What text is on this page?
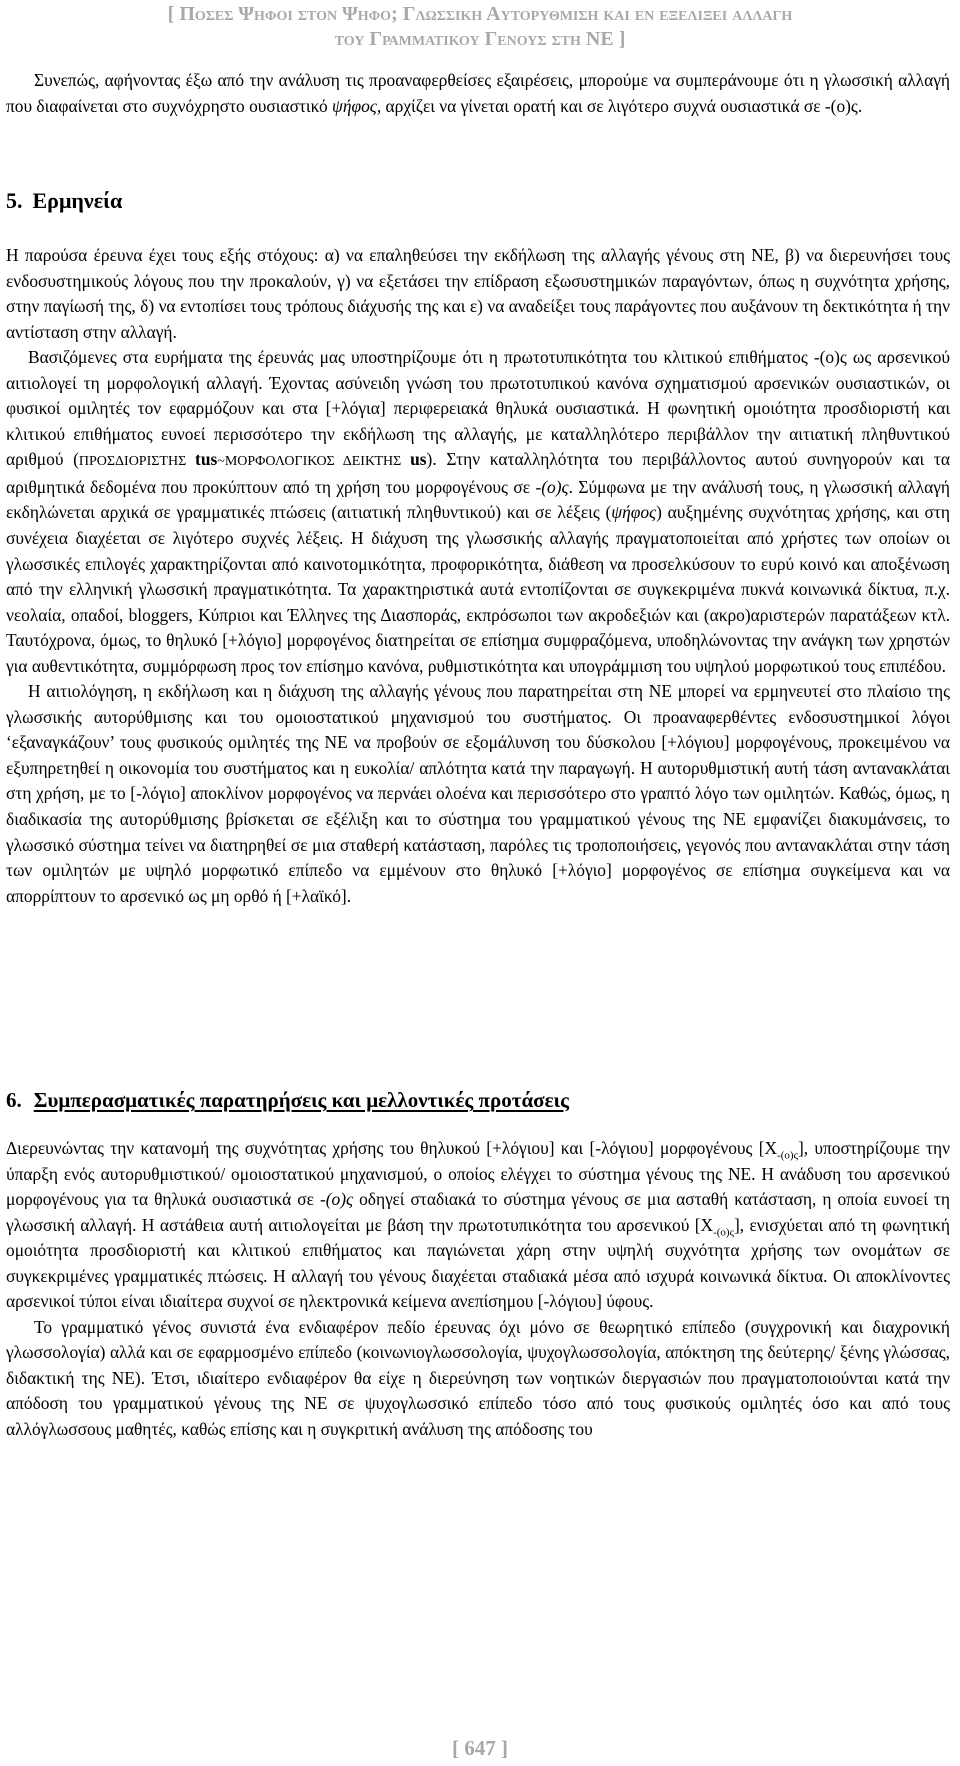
[ Ποσες Ψηφοι στον Ψηφο; Γλωσσικη Αυτορυθμιση και εν εξελιξει αλλαγη
του Γραμματικου Γενους στη ΝΕ ]

Συνεπώς, αφήνοντας έξω από την ανάλυση τις προαναφερθείσες εξαιρέσεις, μπορούμε να συμπεράνουμε ότι η γλωσσική αλλαγή που διαφαίνεται στο συχνόχρηστο ουσιαστικό ψήφος, αρχίζει να γίνεται ορατή και σε λιγότερο συχνά ουσιαστικά σε -(ο)ς.

5. Ερμηνεία

Η παρούσα έρευνα έχει τους εξής στόχους: α) να επαληθεύσει την εκδήλωση της αλλαγής γένους στη ΝΕ, β) να διερευνήσει τους ενδοσυστημικούς λόγους που την προκαλούν, γ) να εξετάσει την επίδραση εξωσυστημικών παραγόντων, όπως η συχνότητα χρήσης, στην παγίωσή της, δ) να εντοπίσει τους τρόπους διάχυσής της και ε) να αναδείξει τους παράγοντες που αυξάνουν τη δεκτικότητα ή την αντίσταση στην αλλαγή.

Βασιζόμενες στα ευρήματα της έρευνάς μας υποστηρίζουμε ότι η πρωτοτυπικότητα του κλιτικού επιθήματος -(ο)ς ως αρσενικού αιτιολογεί τη μορφολογική αλλαγή. Έχοντας ασύνειδη γνώση του πρωτοτυπικού κανόνα σχηματισμού αρσενικών ουσιαστικών, οι φυσικοί ομιλητές τον εφαρμόζουν και στα [+λόγια] περιφερειακά θηλυκά ουσιαστικά. Η φωνητική ομοιότητα προσδιοριστή και κλιτικού επιθήματος ευνοεί περισσότερο την εκδήλωση της αλλαγής, με καταλληλότερο περιβάλλον την αιτιατική πληθυντικού αριθμού (ΠΡΟΣΔΙΟΡΙΣΤΗΣ tus~ΜΟΡΦΟΛΟΓΙΚΟΣ ΔΕΙΚΤΗΣ us). Στην καταλληλότητα του περιβάλλοντος αυτού συνηγορούν και τα αριθμητικά δεδομένα που προκύπτουν από τη χρήση του μορφογένους σε -(ο)ς. Σύμφωνα με την ανάλυσή τους, η γλωσσική αλλαγή εκδηλώνεται αρχικά σε γραμματικές πτώσεις (αιτιατική πληθυντικού) και σε λέξεις (ψήφος) αυξημένης συχνότητας χρήσης, και στη συνέχεια διαχέεται σε λιγότερο συχνές λέξεις. Η διάχυση της γλωσσικής αλλαγής πραγματοποιείται από χρήστες των οποίων οι γλωσσικές επιλογές χαρακτηρίζονται από καινοτομικότητα, προφορικότητα, διάθεση να προσελκύσουν το ευρύ κοινό και αποξένωση από την ελληνική γλωσσική πραγματικότητα. Τα χαρακτηριστικά αυτά εντοπίζονται σε συγκεκριμένα πυκνά κοινωνικά δίκτυα, π.χ. νεολαία, οπαδοί, bloggers, Κύπριοι και Έλληνες της Διασποράς, εκπρόσωποι των ακροδεξιών και (ακρο)αριστερών παρατάξεων κτλ. Ταυτόχρονα, όμως, το θηλυκό [+λόγιο] μορφογένος διατηρείται σε επίσημα συμφραζόμενα, υποδηλώνοντας την ανάγκη των χρηστών για αυθεντικότητα, συμμόρφωση προς τον επίσημο κανόνα, ρυθμιστικότητα και υπογράμμιση του υψηλού μορφωτικού τους επιπέδου.

Η αιτιολόγηση, η εκδήλωση και η διάχυση της αλλαγής γένους που παρατηρείται στη ΝΕ μπορεί να ερμηνευτεί στο πλαίσιο της γλωσσικής αυτορύθμισης και του ομοιοστατικού μηχανισμού του συστήματος. Οι προαναφερθέντες ενδοσυστημικοί λόγοι ‘εξαναγκάζουν’ τους φυσικούς ομιλητές της ΝΕ να προβούν σε εξομάλυνση του δύσκολου [+λόγιου] μορφογένους, προκειμένου να εξυπηρετηθεί η οικονομία του συστήματος και η ευκολία/ απλότητα κατά την παραγωγή. Η αυτορυθμιστική αυτή τάση αντανακλάται στη χρήση, με το [-λόγιο] αποκλίνον μορφογένος να περνάει ολοένα και περισσότερο στο γραπτό λόγο των ομιλητών. Καθώς, όμως, η διαδικασία της αυτορύθμισης βρίσκεται σε εξέλιξη και το σύστημα του γραμματικού γένους της ΝΕ εμφανίζει διακυμάνσεις, το γλωσσικό σύστημα τείνει να διατηρηθεί σε μια σταθερή κατάσταση, παρόλες τις τροποποιήσεις, γεγονός που αντανακλάται στην τάση των ομιλητών με υψηλό μορφωτικό επίπεδο να εμμένουν στο θηλυκό [+λόγιο] μορφογένος σε επίσημα συγκείμενα και να απορρίπτουν το αρσενικό ως μη ορθό ή [+λαϊκό].

6. Συμπερασματικές παρατηρήσεις και μελλοντικές προτάσεις

Διερευνώντας την κατανομή της συχνότητας χρήσης του θηλυκού [+λόγιου] και [-λόγιου] μορφογένους $[X_{-(o)\varsigma}]$, υποστηρίζουμε την ύπαρξη ενός αυτορυθμιστικού/ ομοιοστατικού μηχανισμού, ο οποίος ελέγχει το σύστημα γένους της ΝΕ. Η ανάδυση του αρσενικού μορφογένους για τα θηλυκά ουσιαστικά σε -(ο)ς οδηγεί σταδιακά το σύστημα γένους σε μια ασταθή κατάσταση, η οποία ευνοεί τη γλωσσική αλλαγή. Η αστάθεια αυτή αιτιολογείται με βάση την πρωτοτυπικότητα του αρσενικού $[X_{-(o)\varsigma}]$, ενισχύεται από τη φωνητική ομοιότητα προσδιοριστή και κλιτικού επιθήματος και παγιώνεται χάρη στην υψηλή συχνότητα χρήσης των ονομάτων σε συγκεκριμένες γραμματικές πτώσεις. Η αλλαγή του γένους διαχέεται σταδιακά μέσα από ισχυρά κοινωνικά δίκτυα. Οι αποκλίνοντες αρσενικοί τύποι είναι ιδιαίτερα συχνοί σε ηλεκτρονικά κείμενα ανεπίσημου [-λόγιου] ύφους.

Το γραμματικό γένος συνιστά ένα ενδιαφέρον πεδίο έρευνας όχι μόνο σε θεωρητικό επίπεδο (συγχρονική και διαχρονική γλωσσολογία) αλλά και σε εφαρμοσμένο επίπεδο (κοινωνιογλωσσολογία, ψυχογλωσσολογία, απόκτηση της δεύτερης/ ξένης γλώσσας, διδακτική της ΝΕ). Έτσι, ιδιαίτερο ενδιαφέρον θα είχε η διερεύνηση των νοητικών διεργασιών που πραγματοποιούνται κατά την απόδοση του γραμματικού γένους της ΝΕ σε ψυχογλωσσικό επίπεδο τόσο από τους φυσικούς ομιλητές όσο και από τους αλλόγλωσσους μαθητές, καθώς επίσης και η συγκριτική ανάλυση της απόδοσης του

[ 647 ]
